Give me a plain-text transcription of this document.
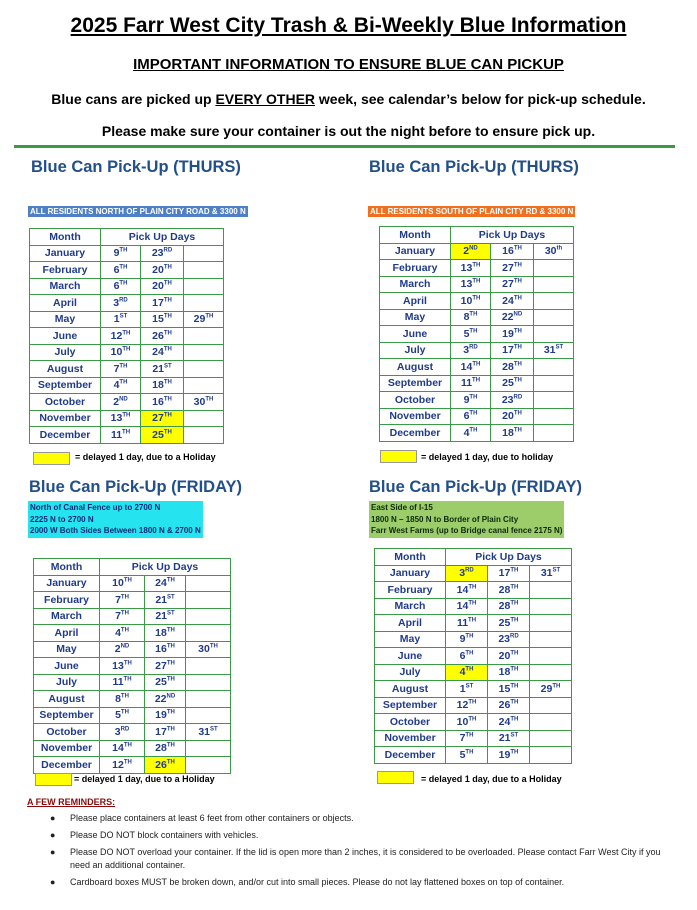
2025 Farr West City Trash & Bi-Weekly Blue Information
IMPORTANT INFORMATION TO ENSURE BLUE CAN PICKUP
Blue cans are picked up EVERY OTHER week, see calendar’s below for pick-up schedule.
Please make sure your container is out the night before to ensure pick up.
Blue Can Pick-Up (THURS)
ALL RESIDENTS NORTH OF PLAIN CITY ROAD & 3300 N
Month	Pick Up Days		
January	9TH	23RD	
February	6TH	20TH	
March	6TH	20TH	
April	3RD	17TH	
May	1ST	15TH	29TH
June	12TH	26TH	
July	10TH	24TH	
August	7TH	21ST	
September	4TH	18TH	
October	2ND	16TH	30TH
November	13TH	27TH	
December	11TH	25TH	
= delayed 1 day, due to a Holiday
Blue Can Pick-Up (THURS)
ALL RESIDENTS SOUTH OF PLAIN CITY RD & 3300 N
Month	Pick Up Days		
January	2ND	16TH	30th
February	13TH	27TH	
March	13TH	27TH	
April	10TH	24TH	
May	8TH	22ND	
June	5TH	19TH	
July	3RD	17TH	31ST
August	14TH	28TH	
September	11TH	25TH	
October	9TH	23RD	
November	6TH	20TH	
December	4TH	18TH	
= delayed 1 day, due to holiday
Blue Can Pick-Up (FRIDAY)
North of Canal Fence up to 2700 N
2225 N to 2700 N
2000 W Both Sides Between 1800 N & 2700 N
Month	Pick Up Days		
January	10TH	24TH	
February	7TH	21ST	
March	7TH	21ST	
April	4TH	18TH	
May	2ND	16TH	30TH
June	13TH	27TH	
July	11TH	25TH	
August	8TH	22ND	
September	5TH	19TH	
October	3RD	17TH	31ST
November	14TH	28TH	
December	12TH	26TH	
= delayed 1 day, due to a Holiday
Blue Can Pick-Up (FRIDAY)
East Side of I-15
1800 N – 1850 N to Border of Plain City
Farr West Farms (up to Bridge canal fence 2175 N)
Month	Pick Up Days		
January	3RD	17TH	31ST
February	14TH	28TH	
March	14TH	28TH	
April	11TH	25TH	
May	9TH	23RD	
June	6TH	20TH	
July	4TH	18TH	
August	1ST	15TH	29TH
September	12TH	26TH	
October	10TH	24TH	
November	7TH	21ST	
December	5TH	19TH	
= delayed 1 day, due to a Holiday
A FEW REMINDERS:
● Please place containers at least 6 feet from other containers or objects.
● Please DO NOT block containers with vehicles.
● Please DO NOT overload your container. If the lid is open more than 2 inches, it is considered to be overloaded. Please contact Farr West City if you need an additional container.
● Cardboard boxes MUST be broken down, and/or cut into small pieces. Please do not lay flattened boxes on top of container.
